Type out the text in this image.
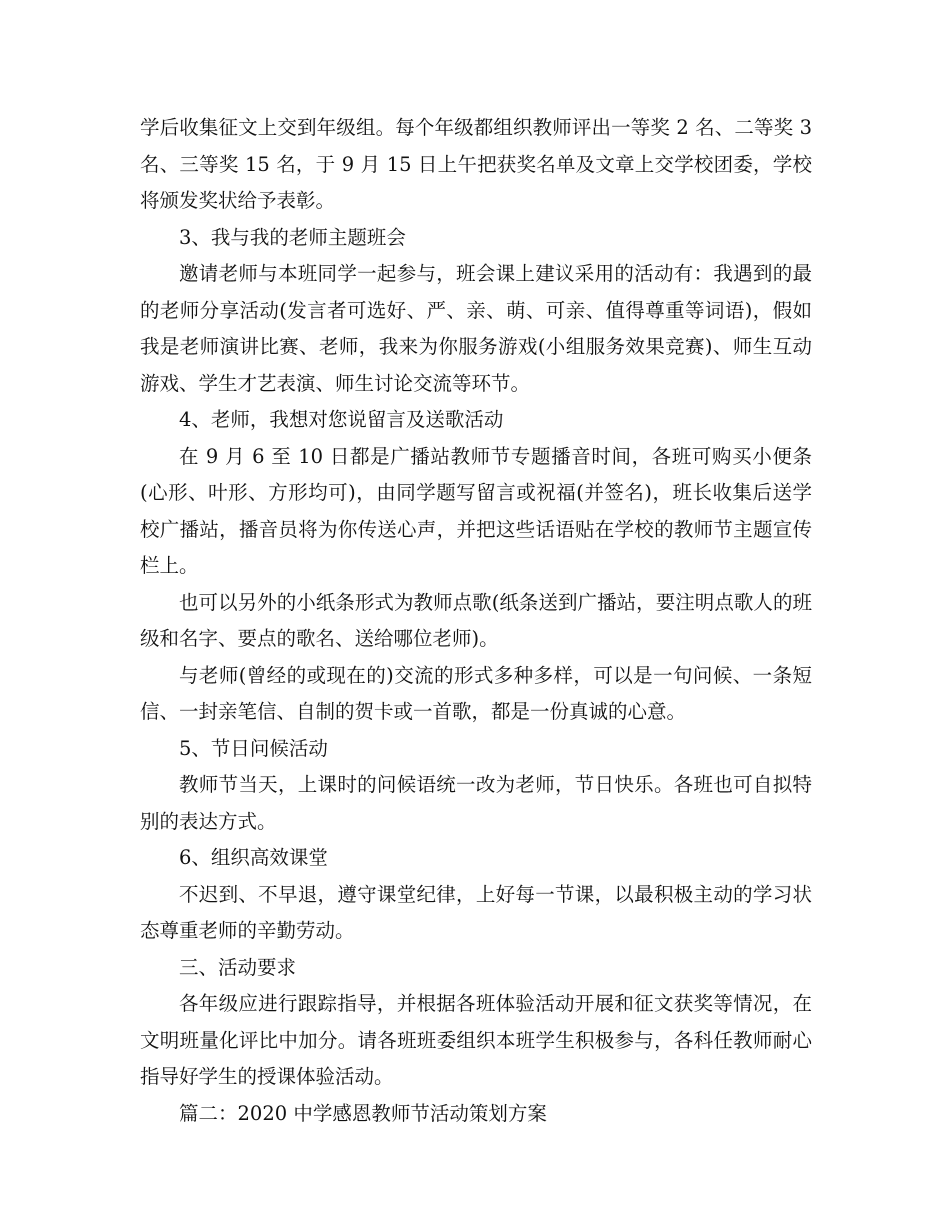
学后收集征文上交到年级组。每个年级都组织教师评出一等奖 2 名、二等奖 3 名、三等奖 15 名，于 9 月 15 日上午把获奖名单及文章上交学校团委，学校将颁发奖状给予表彰。

3、我与我的老师主题班会

邀请老师与本班同学一起参与，班会课上建议采用的活动有：我遇到的最 的老师分享活动(发言者可选好、严、亲、萌、可亲、值得尊重等词语)，假如我是老师演讲比赛、老师，我来为你服务游戏(小组服务效果竞赛)、师生互动游戏、学生才艺表演、师生讨论交流等环节。

4、老师，我想对您说留言及送歌活动

在 9 月 6 至 10 日都是广播站教师节专题播音时间，各班可购买小便条(心形、叶形、方形均可)，由同学题写留言或祝福(并签名)，班长收集后送学校广播站，播音员将为你传送心声，并把这些话语贴在学校的教师节主题宣传栏上。

也可以另外的小纸条形式为教师点歌(纸条送到广播站，要注明点歌人的班级和名字、要点的歌名、送给哪位老师)。

与老师(曾经的或现在的)交流的形式多种多样，可以是一句问候、一条短信、一封亲笔信、自制的贺卡或一首歌，都是一份真诚的心意。

5、节日问候活动

教师节当天，上课时的问候语统一改为老师，节日快乐。各班也可自拟特别的表达方式。

6、组织高效课堂

不迟到、不早退，遵守课堂纪律，上好每一节课，以最积极主动的学习状态尊重老师的辛勤劳动。

三、活动要求

各年级应进行跟踪指导，并根据各班体验活动开展和征文获奖等情况，在文明班量化评比中加分。请各班班委组织本班学生积极参与，各科任教师耐心指导好学生的授课体验活动。

篇二：2020 中学感恩教师节活动策划方案
